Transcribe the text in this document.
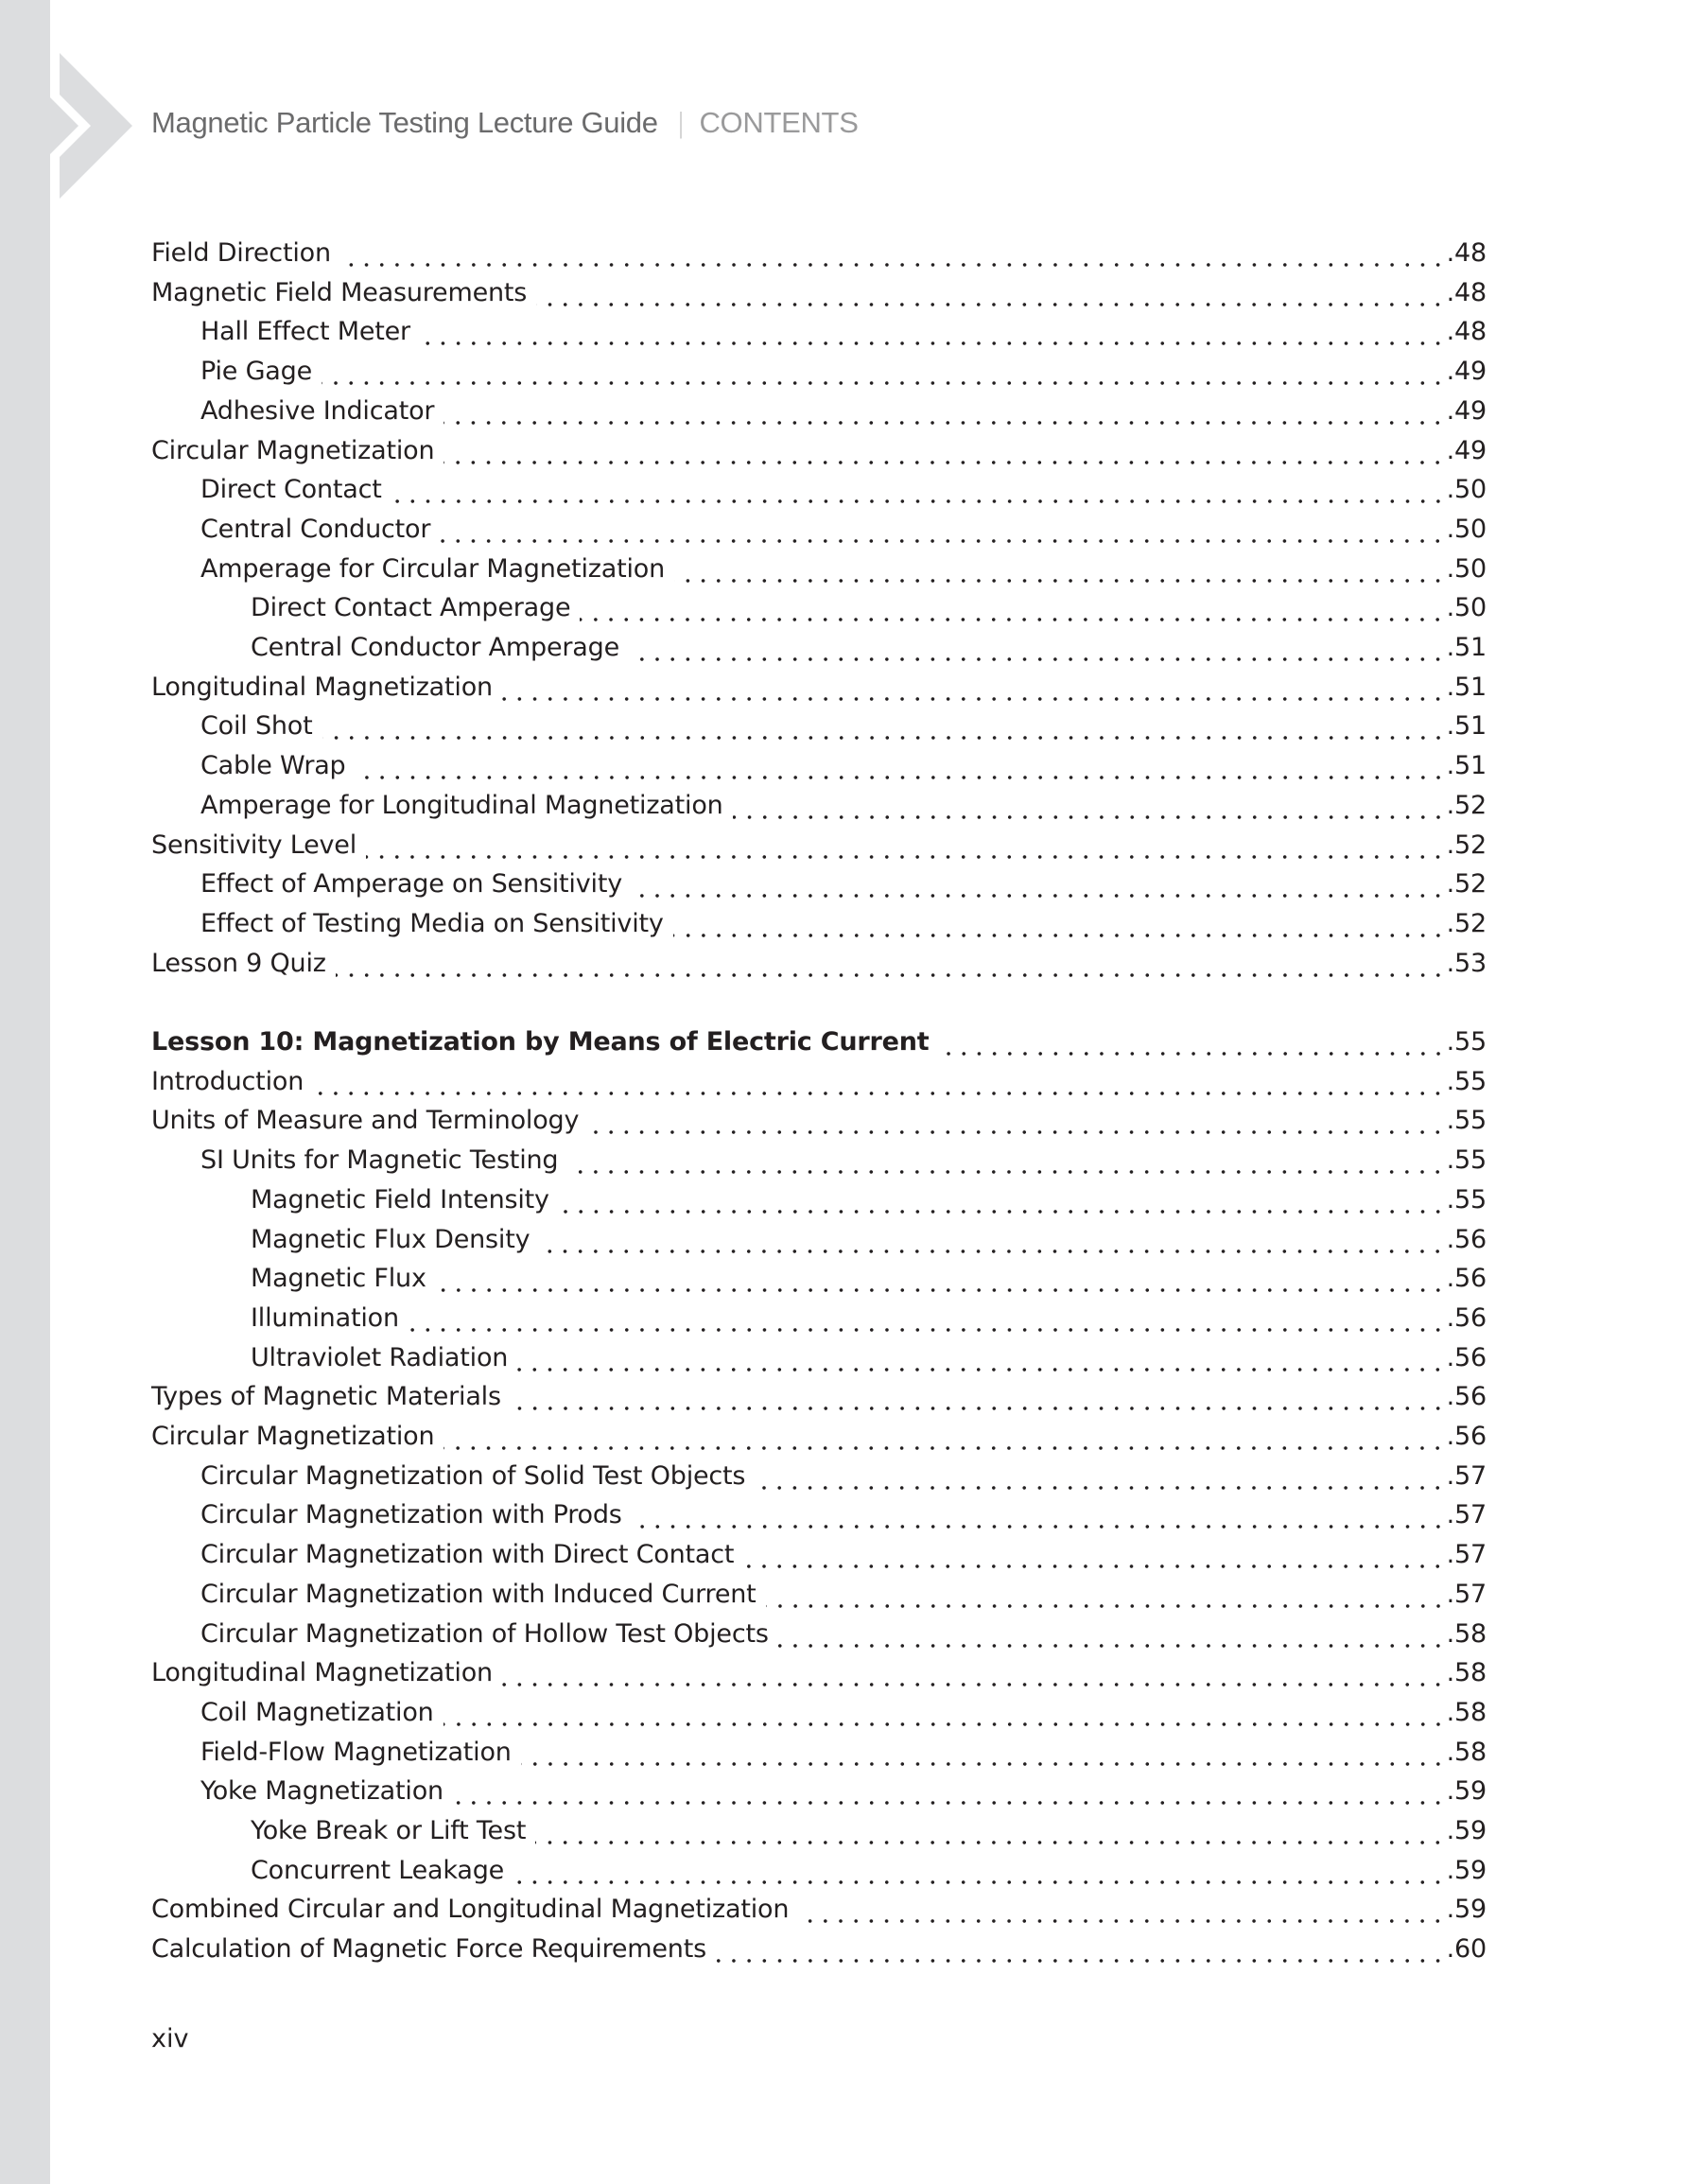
Magnetic Particle Testing Lecture Guide | CONTENTS
Field Direction	.48
Magnetic Field Measurements	.48
Hall Effect Meter	.48
Pie Gage	.49
Adhesive Indicator	.49
Circular Magnetization	.49
Direct Contact	.50
Central Conductor	.50
Amperage for Circular Magnetization	.50
Direct Contact Amperage	.50
Central Conductor Amperage	.51
Longitudinal Magnetization	.51
Coil Shot	.51
Cable Wrap	.51
Amperage for Longitudinal Magnetization	.52
Sensitivity Level	.52
Effect of Amperage on Sensitivity	.52
Effect of Testing Media on Sensitivity	.52
Lesson 9 Quiz	.53
Lesson 10: Magnetization by Means of Electric Current	.55
Introduction	.55
Units of Measure and Terminology	.55
SI Units for Magnetic Testing	.55
Magnetic Field Intensity	.55
Magnetic Flux Density	.56
Magnetic Flux	.56
Illumination	.56
Ultraviolet Radiation	.56
Types of Magnetic Materials	.56
Circular Magnetization	.56
Circular Magnetization of Solid Test Objects	.57
Circular Magnetization with Prods	.57
Circular Magnetization with Direct Contact	.57
Circular Magnetization with Induced Current	.57
Circular Magnetization of Hollow Test Objects	.58
Longitudinal Magnetization	.58
Coil Magnetization	.58
Field-Flow Magnetization	.58
Yoke Magnetization	.59
Yoke Break or Lift Test	.59
Concurrent Leakage	.59
Combined Circular and Longitudinal Magnetization	.59
Calculation of Magnetic Force Requirements	.60
xiv
